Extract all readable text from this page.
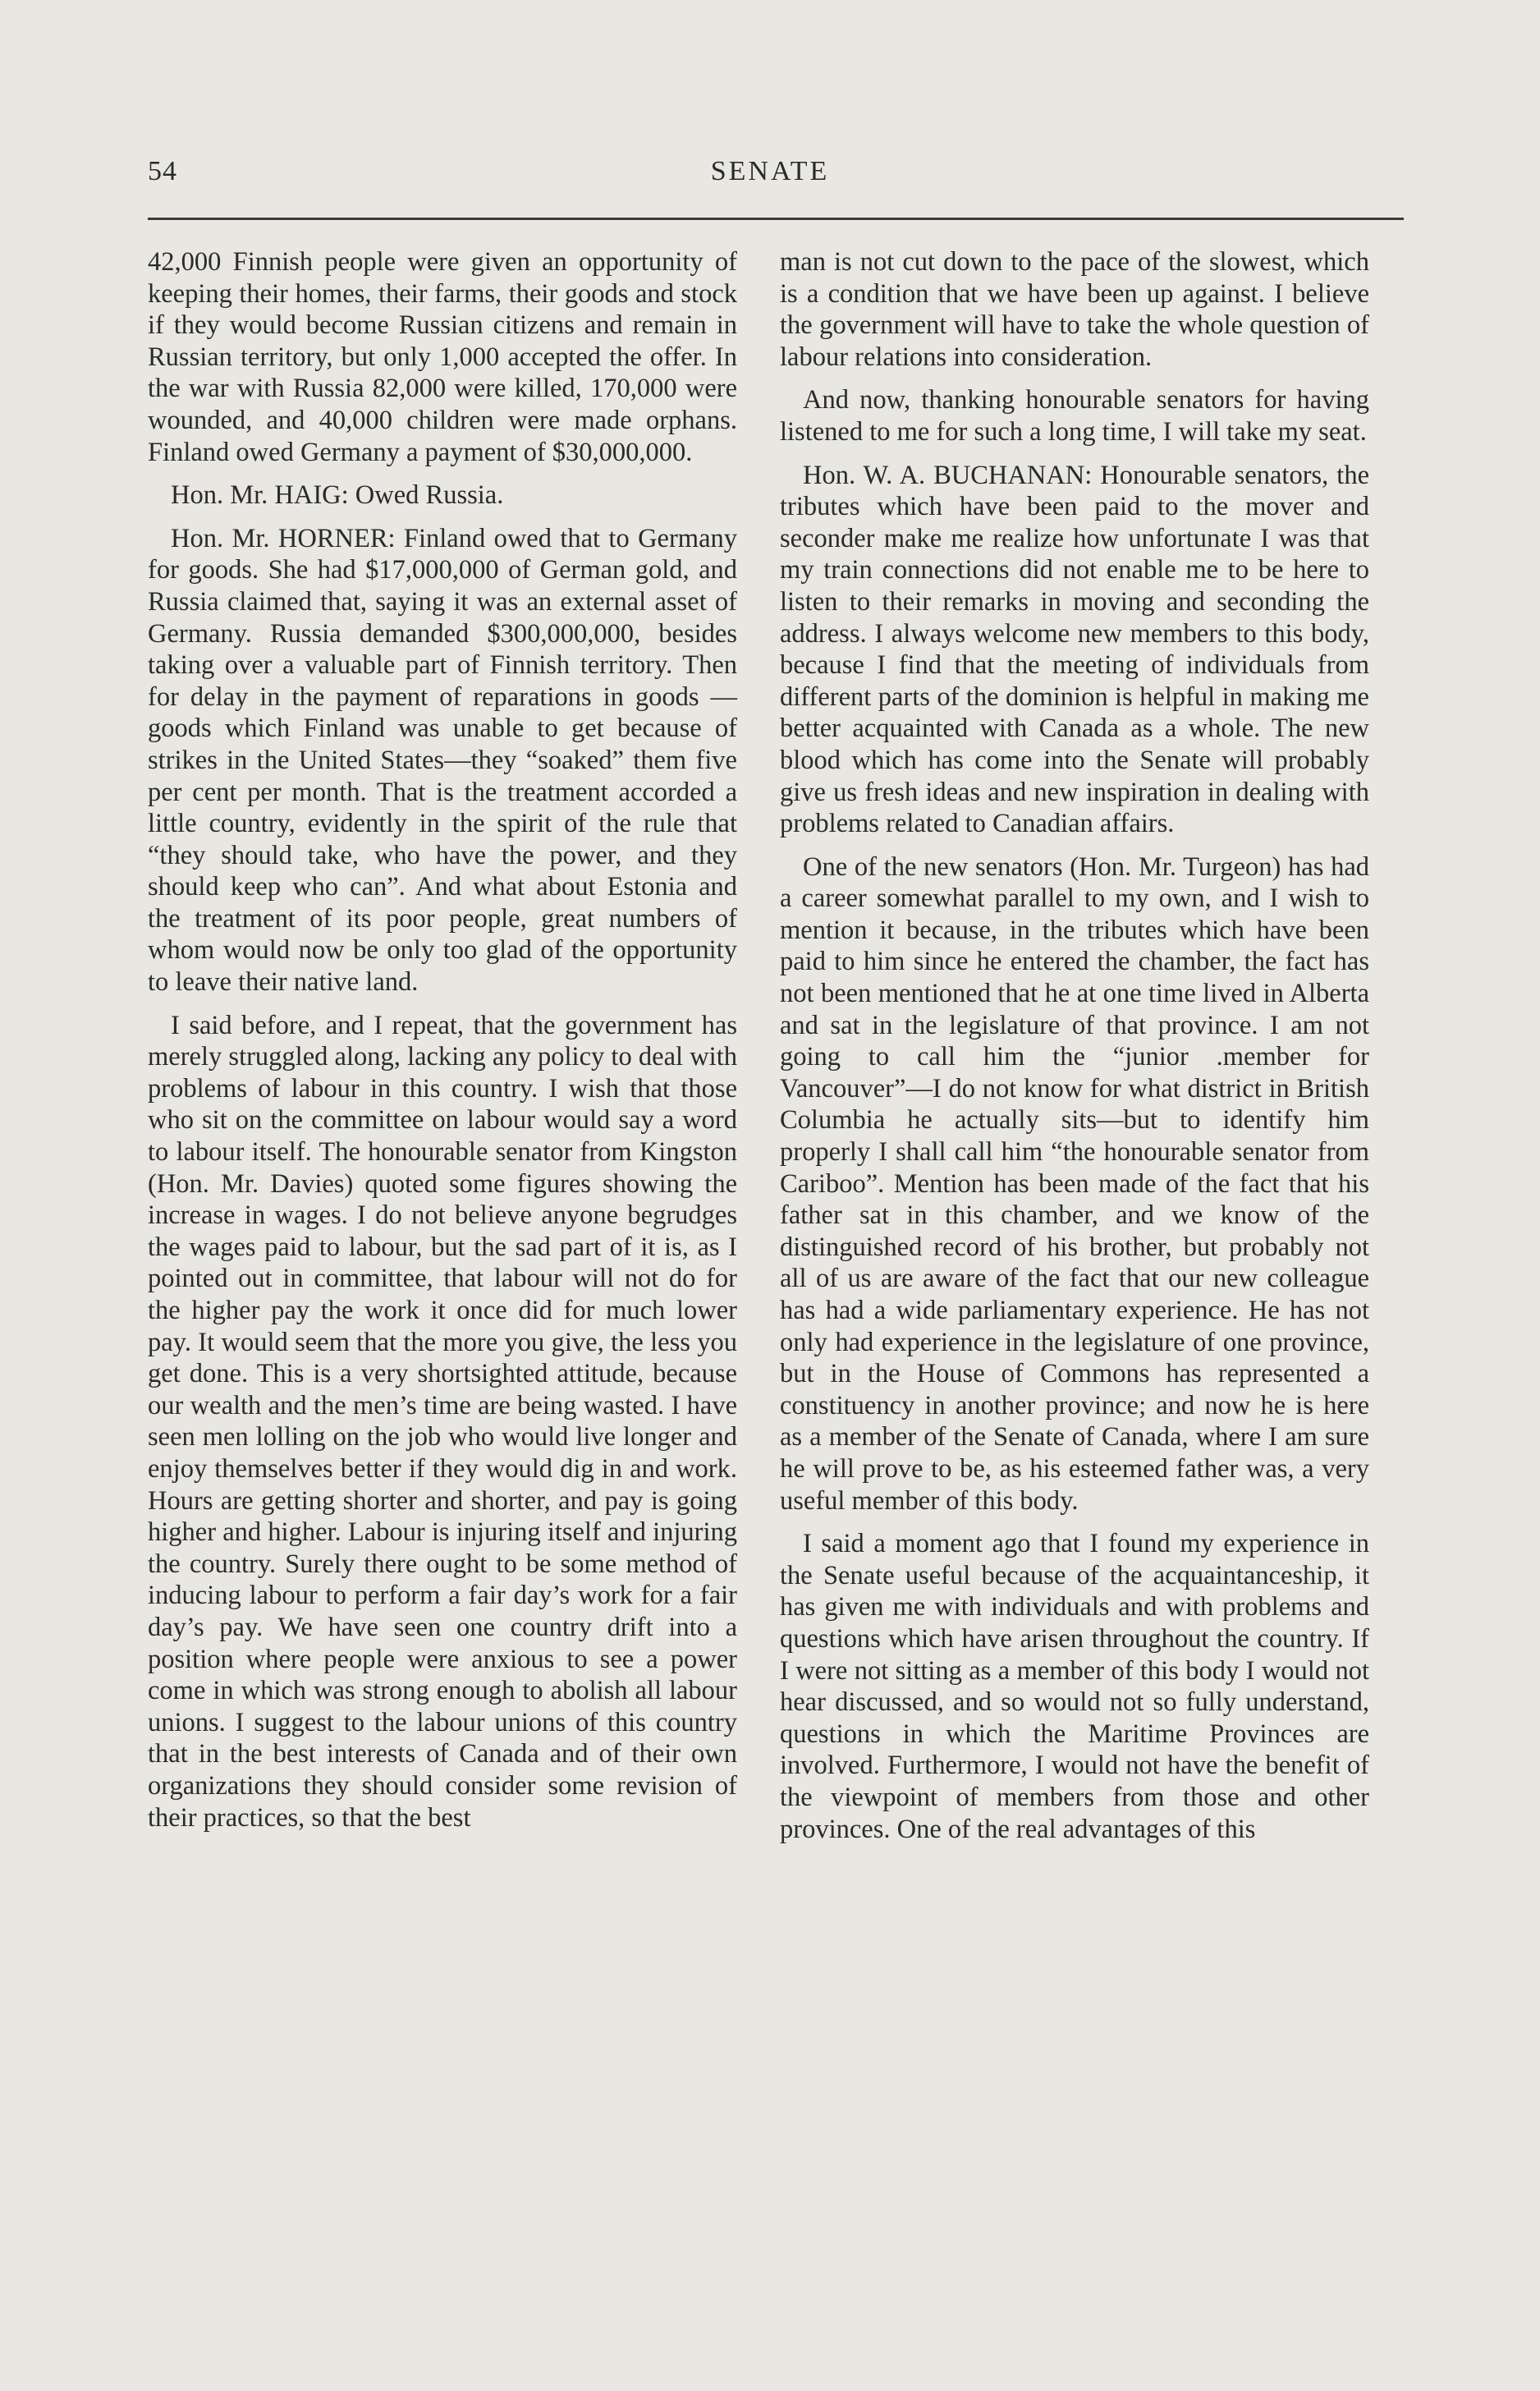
54	SENATE

42,000 Finnish people were given an opportunity of keeping their homes, their farms, their goods and stock if they would become Russian citizens and remain in Russian territory, but only 1,000 accepted the offer. In the war with Russia 82,000 were killed, 170,000 were wounded, and 40,000 children were made orphans. Finland owed Germany a payment of $30,000,000.

Hon. Mr. HAIG: Owed Russia.

Hon. Mr. HORNER: Finland owed that to Germany for goods. She had $17,000,000 of German gold, and Russia claimed that, saying it was an external asset of Germany. Russia demanded $300,000,000, besides taking over a valuable part of Finnish territory. Then for delay in the payment of reparations in goods —goods which Finland was unable to get because of strikes in the United States—they “soaked” them five per cent per month. That is the treatment accorded a little country, evidently in the spirit of the rule that “they should take, who have the power, and they should keep who can”. And what about Estonia and the treatment of its poor people, great numbers of whom would now be only too glad of the opportunity to leave their native land.

I said before, and I repeat, that the government has merely struggled along, lacking any policy to deal with problems of labour in this country. I wish that those who sit on the committee on labour would say a word to labour itself. The honourable senator from Kingston (Hon. Mr. Davies) quoted some figures showing the increase in wages. I do not believe anyone begrudges the wages paid to labour, but the sad part of it is, as I pointed out in committee, that labour will not do for the higher pay the work it once did for much lower pay. It would seem that the more you give, the less you get done. This is a very shortsighted attitude, because our wealth and the men’s time are being wasted. I have seen men lolling on the job who would live longer and enjoy themselves better if they would dig in and work. Hours are getting shorter and shorter, and pay is going higher and higher. Labour is injuring itself and injuring the country. Surely there ought to be some method of inducing labour to perform a fair day’s work for a fair day’s pay. We have seen one country drift into a position where people were anxious to see a power come in which was strong enough to abolish all labour unions. I suggest to the labour unions of this country that in the best interests of Canada and of their own organizations they should consider some revision of their practices, so that the best

man is not cut down to the pace of the slowest, which is a condition that we have been up against. I believe the government will have to take the whole question of labour relations into consideration.

And now, thanking honourable senators for having listened to me for such a long time, I will take my seat.

Hon. W. A. BUCHANAN: Honourable senators, the tributes which have been paid to the mover and seconder make me realize how unfortunate I was that my train connections did not enable me to be here to listen to their remarks in moving and seconding the address. I always welcome new members to this body, because I find that the meeting of individuals from different parts of the dominion is helpful in making me better acquainted with Canada as a whole. The new blood which has come into the Senate will probably give us fresh ideas and new inspiration in dealing with problems related to Canadian affairs.

One of the new senators (Hon. Mr. Turgeon) has had a career somewhat parallel to my own, and I wish to mention it because, in the tributes which have been paid to him since he entered the chamber, the fact has not been mentioned that he at one time lived in Alberta and sat in the legislature of that province. I am not going to call him the “junior .member for Vancouver”—I do not know for what district in British Columbia he actually sits—but to identify him properly I shall call him “the honourable senator from Cariboo”. Mention has been made of the fact that his father sat in this chamber, and we know of the distinguished record of his brother, but probably not all of us are aware of the fact that our new colleague has had a wide parliamentary experience. He has not only had experience in the legislature of one province, but in the House of Commons has represented a constituency in another province; and now he is here as a member of the Senate of Canada, where I am sure he will prove to be, as his esteemed father was, a very useful member of this body.

I said a moment ago that I found my experience in the Senate useful because of the acquaintanceship, it has given me with individuals and with problems and questions which have arisen throughout the country. If I were not sitting as a member of this body I would not hear discussed, and so would not so fully understand, questions in which the Maritime Provinces are involved. Furthermore, I would not have the benefit of the viewpoint of members from those and other provinces. One of the real advantages of this
